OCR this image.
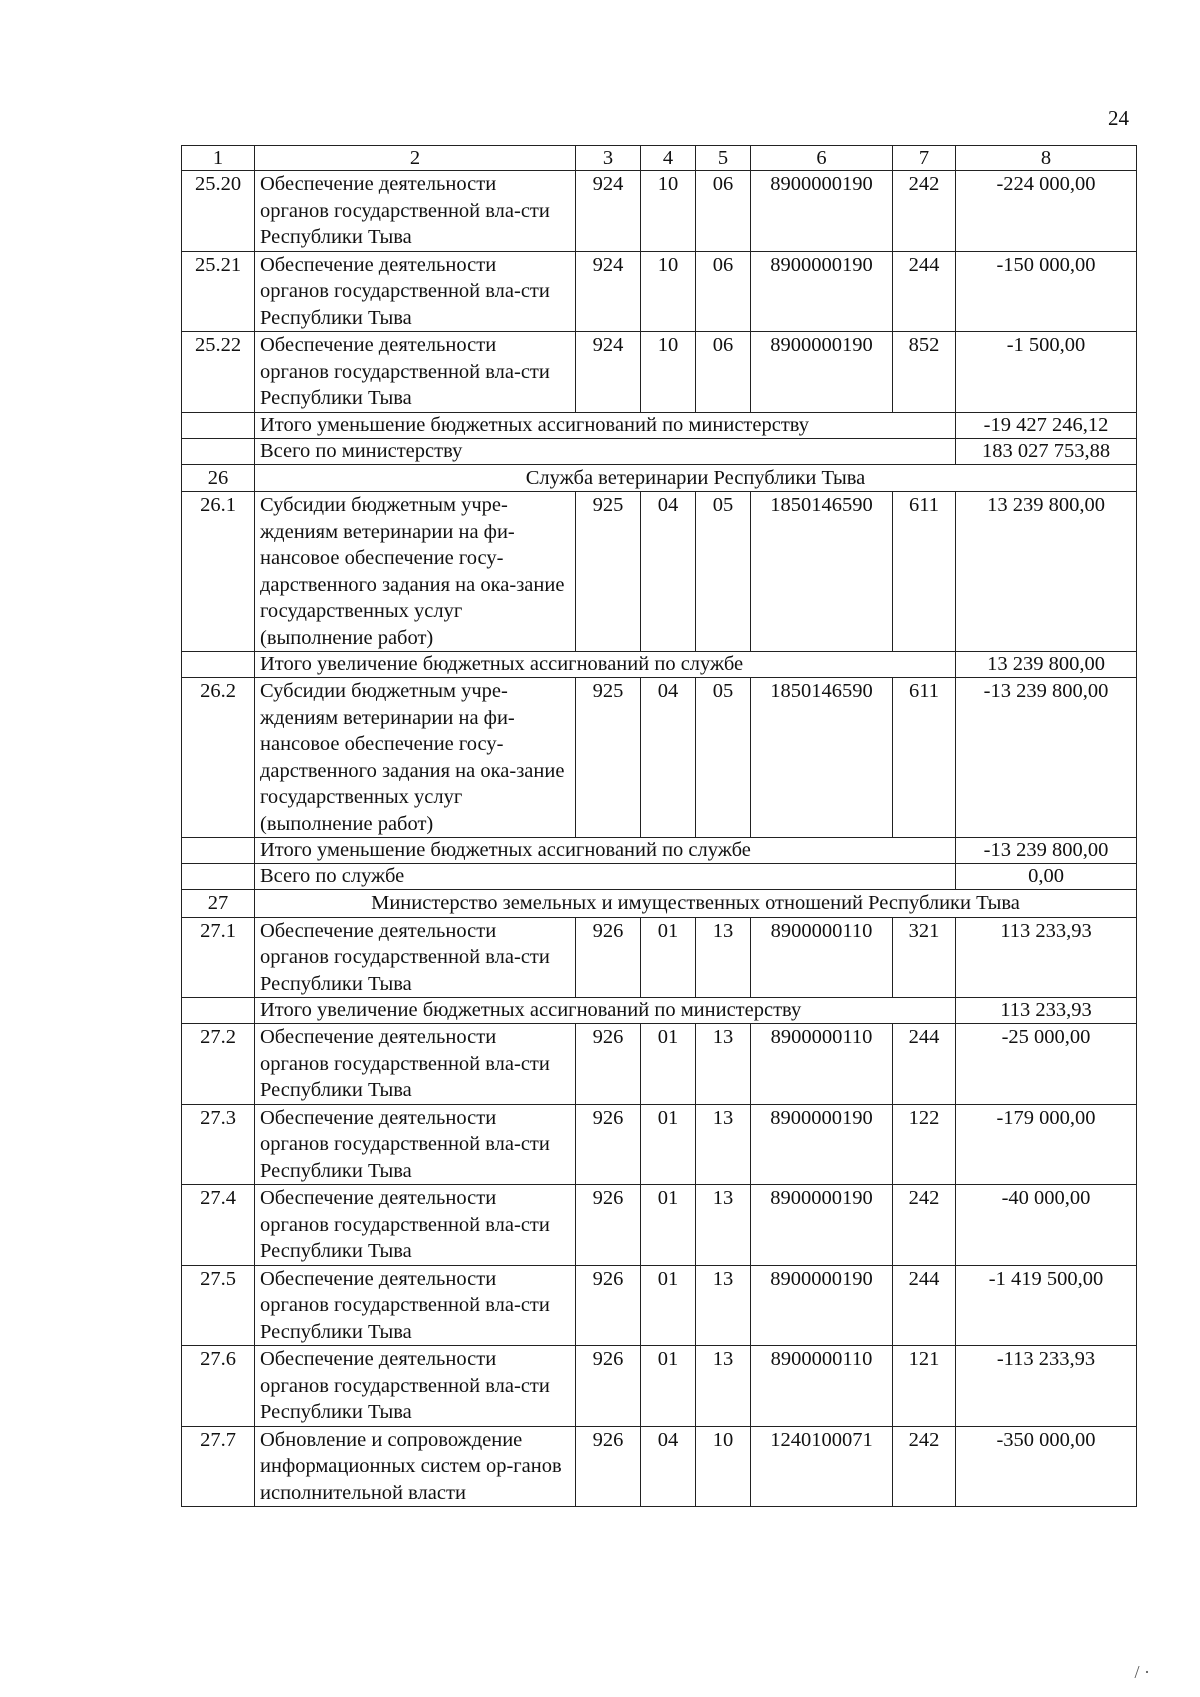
24
1	2	3	4	5	6	7	8
25.20	Обеспечение деятельности органов государственной вла-сти Республики Тыва	924	10	06	8900000190	242	-224 000,00
25.21	Обеспечение деятельности органов государственной вла-сти Республики Тыва	924	10	06	8900000190	244	-150 000,00
25.22	Обеспечение деятельности органов государственной вла-сти Республики Тыва	924	10	06	8900000190	852	-1 500,00
	Итого уменьшение бюджетных ассигнований по министерству						-19 427 246,12
	Всего по министерству						183 027 753,88
26	Служба ветеринарии Республики Тыва						
26.1	Субсидии бюджетным учре-ждениям ветеринарии на фи-нансовое обеспечение госу-дарственного задания на ока-зание государственных услуг (выполнение работ)	925	04	05	1850146590	611	13 239 800,00
	Итого увеличение бюджетных ассигнований по службе						13 239 800,00
26.2	Субсидии бюджетным учре-ждениям ветеринарии на фи-нансовое обеспечение госу-дарственного задания на ока-зание государственных услуг (выполнение работ)	925	04	05	1850146590	611	-13 239 800,00
	Итого уменьшение бюджетных ассигнований по службе						-13 239 800,00
	Всего по службе						0,00
27	Министерство земельных и имущественных отношений Республики Тыва						
27.1	Обеспечение деятельности органов государственной вла-сти Республики Тыва	926	01	13	8900000110	321	113 233,93
	Итого увеличение бюджетных ассигнований по министерству						113 233,93
27.2	Обеспечение деятельности органов государственной вла-сти Республики Тыва	926	01	13	8900000110	244	-25 000,00
27.3	Обеспечение деятельности органов государственной вла-сти Республики Тыва	926	01	13	8900000190	122	-179 000,00
27.4	Обеспечение деятельности органов государственной вла-сти Республики Тыва	926	01	13	8900000190	242	-40 000,00
27.5	Обеспечение деятельности органов государственной вла-сти Республики Тыва	926	01	13	8900000190	244	-1 419 500,00
27.6	Обеспечение деятельности органов государственной вла-сти Республики Тыва	926	01	13	8900000110	121	-113 233,93
27.7	Обновление и сопровождение информационных систем ор-ганов исполнительной власти	926	04	10	1240100071	242	-350 000,00
/ ·
